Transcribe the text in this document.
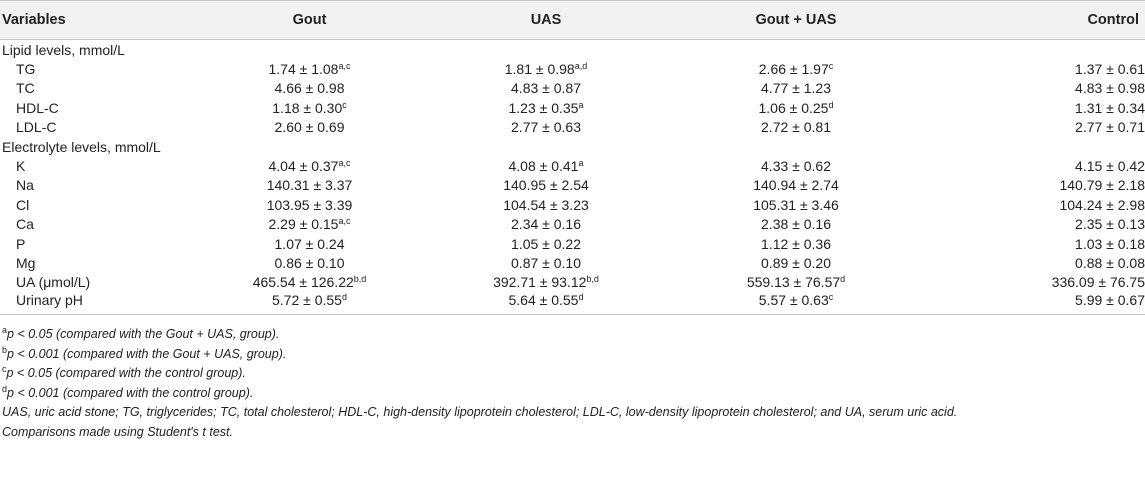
Variables	Gout	UAS	Gout + UAS	Control
Lipid levels, mmol/L				
TG	$1.74 \pm 1.08^{a,c}$	$1.81 \pm 0.98^{a,d}$	2.66 ± 1.97$^c$	1.37 ± 0.61
TC	4.66 ± 0.98	4.83 ± 0.87	4.77 ± 1.23	4.83 ± 0.98
HDL-C	1.18 ± 0.30$^c$	1.23 ± 0.35$^a$	1.06 ± 0.25$^d$	1.31 ± 0.34
LDL-C	2.60 ± 0.69	2.77 ± 0.63	2.72 ± 0.81	2.77 ± 0.71
Electrolyte levels, mmol/L				
K	$4.04 \pm 0.37^{a,c}$	4.08 ± 0.41$^a$	4.33 ± 0.62	4.15 ± 0.42
Na	140.31 ± 3.37	140.95 ± 2.54	140.94 ± 2.74	140.79 ± 2.18
Cl	103.95 ± 3.39	104.54 ± 3.23	105.31 ± 3.46	104.24 ± 2.98
Ca	$2.29 \pm 0.15^{a,c}$	2.34 ± 0.16	2.38 ± 0.16	2.35 ± 0.13
P	1.07 ± 0.24	1.05 ± 0.22	1.12 ± 0.36	1.03 ± 0.18
Mg	0.86 ± 0.10	0.87 ± 0.10	0.89 ± 0.20	0.88 ± 0.08
UA (μmol/L)	$465.54 \pm 126.22^{b,d}$	$392.71 \pm 93.12^{b,d}$	559.13 ± 76.57$^d$	336.09 ± 76.75
Urinary pH	5.72 ± 0.55$^d$	5.64 ± 0.55$^d$	5.57 ± 0.63$^c$	5.99 ± 0.67
$^a$p < 0.05 (compared with the Gout + UAS, group).
$^b$p < 0.001 (compared with the Gout + UAS, group).
$^c$p < 0.05 (compared with the control group).
$^d$p < 0.001 (compared with the control group).
UAS, uric acid stone; TG, triglycerides; TC, total cholesterol; HDL-C, high-density lipoprotein cholesterol; LDL-C, low-density lipoprotein cholesterol; and UA, serum uric acid.
Comparisons made using Student's t test.
